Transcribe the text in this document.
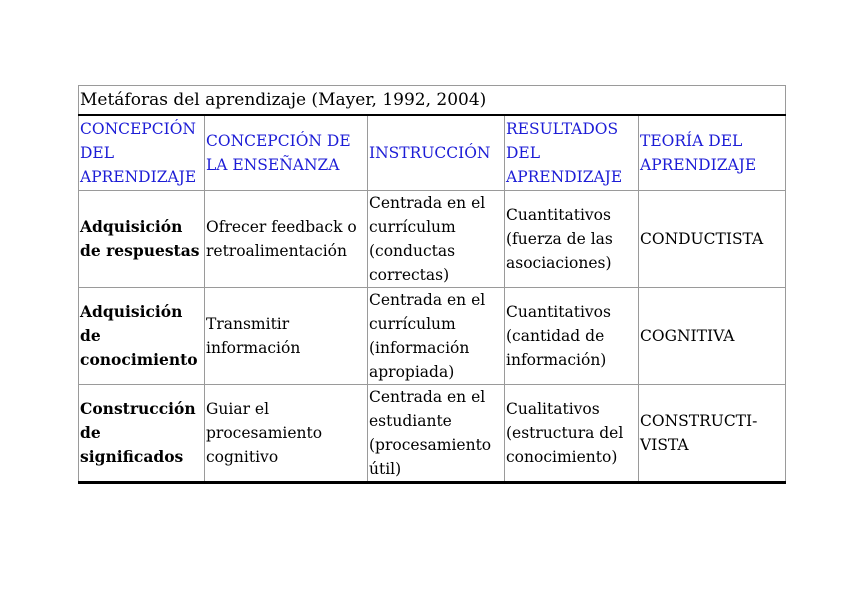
Metáforas del aprendizaje (Mayer, 1992, 2004)				
CONCEPCIÓN DEL APRENDIZAJE	CONCEPCIÓN DE LA ENSEÑANZA	INSTRUCCIÓN	RESULTADOS DEL APRENDIZAJE	TEORÍA DEL APRENDIZAJE
Adquisición de respuestas	Ofrecer feedback o retroalimentación	Centrada en el currículum (conductas correctas)	Cuantitativos (fuerza de las asociaciones)	CONDUCTISTA
Adquisición de conocimiento	Transmitir información	Centrada en el currículum (información apropiada)	Cuantitativos (cantidad de información)	COGNITIVA
Construcción de significados	Guiar el procesamiento cognitivo	Centrada en el estudiante (procesamiento útil)	Cualitativos (estructura del conocimiento)	CONSTRUCTI-VISTA
